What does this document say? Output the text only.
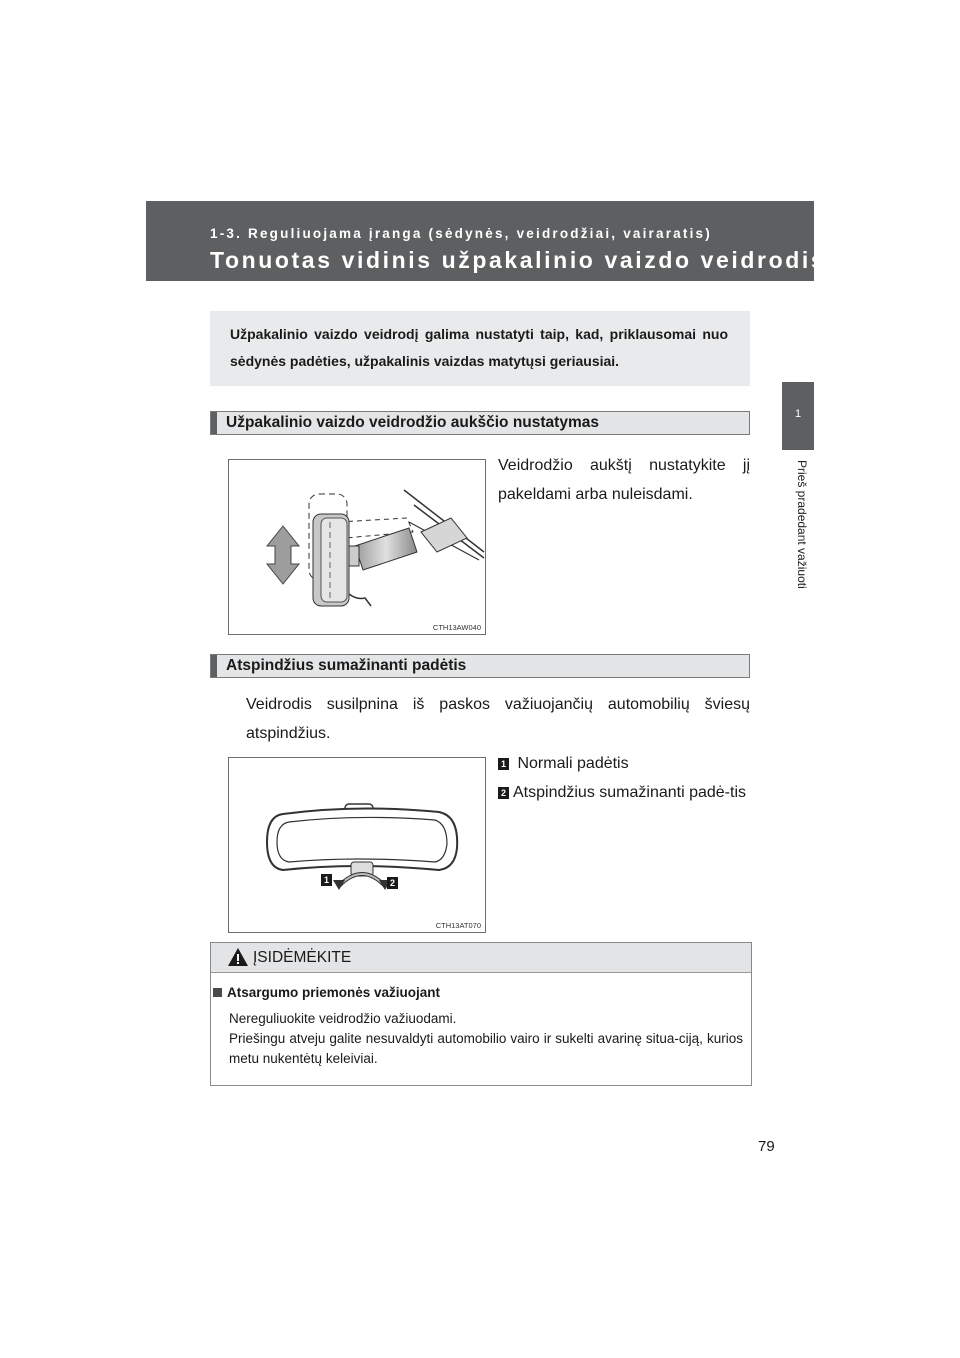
1-3. Reguliuojama įranga (sėdynės, veidrodžiai, vairaratis)
Tonuotas vidinis užpakalinio vaizdo veidrodis
1
Prieš pradedant važiuoti

Užpakalinio vaizdo veidrodį galima nustatyti taip, kad, priklausomai nuo sėdynės padėties, užpakalinis vaizdas matytųsi geriausiai.

Užpakalinio vaizdo veidrodžio aukščio nustatymas
CTH13AW040
Veidrodžio aukštį nustatykite jį pakeldami arba nuleisdami.
Atspindžius sumažinanti padėtis
Veidrodis susilpnina iš paskos važiuojančių automobilių šviesų atspindžius.
1	2
CTH13AT070
1 Normali padėtis
2 Atspindžius sumažinanti padė-tis
ĮSIDĖMĖKITE
Atsargumo priemonės važiuojant
Nereguliuokite veidrodžio važiuodami.
Priešingu atveju galite nesuvaldyti automobilio vairo ir sukelti avarinę situa-ciją, kurios metu nukentėtų keleiviai.
79
